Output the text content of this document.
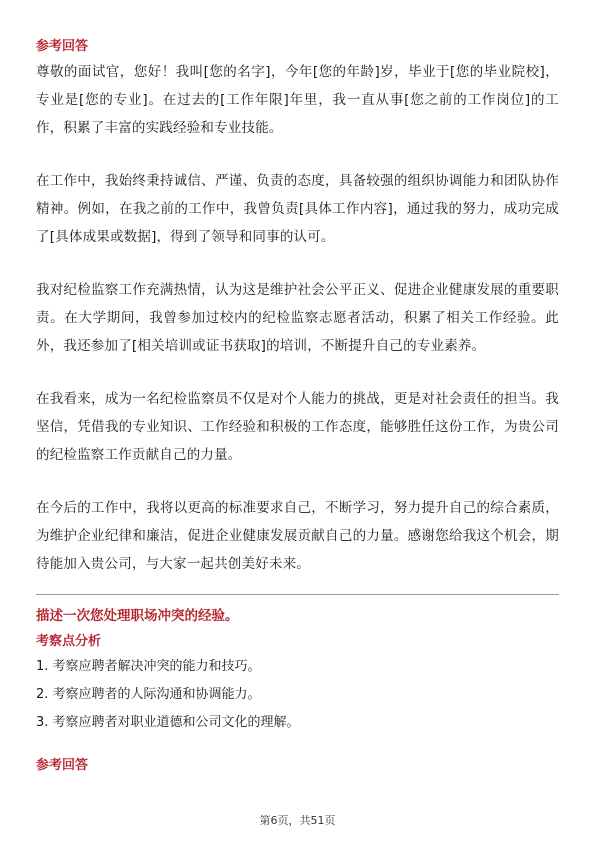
参考回答

尊敬的面试官，您好！我叫[您的名字]，今年[您的年龄]岁，毕业于[您的毕业院校]，专业是[您的专业]。在过去的[工作年限]年里，我一直从事[您之前的工作岗位]的工作，积累了丰富的实践经验和专业技能。

在工作中，我始终秉持诚信、严谨、负责的态度，具备较强的组织协调能力和团队协作精神。例如，在我之前的工作中，我曾负责[具体工作内容]，通过我的努力，成功完成了[具体成果或数据]，得到了领导和同事的认可。

我对纪检监察工作充满热情，认为这是维护社会公平正义、促进企业健康发展的重要职责。在大学期间，我曾参加过校内的纪检监察志愿者活动，积累了相关工作经验。此外，我还参加了[相关培训或证书获取]的培训，不断提升自己的专业素养。

在我看来，成为一名纪检监察员不仅是对个人能力的挑战，更是对社会责任的担当。我坚信，凭借我的专业知识、工作经验和积极的工作态度，能够胜任这份工作，为贵公司的纪检监察工作贡献自己的力量。

在今后的工作中，我将以更高的标准要求自己，不断学习，努力提升自己的综合素质，为维护企业纪律和廉洁，促进企业健康发展贡献自己的力量。感谢您给我这个机会，期待能加入贵公司，与大家一起共创美好未来。

描述一次您处理职场冲突的经验。

考察点分析

1. 考察应聘者解决冲突的能力和技巧。

2. 考察应聘者的人际沟通和协调能力。

3. 考察应聘者对职业道德和公司文化的理解。

参考回答

第6页，共51页
